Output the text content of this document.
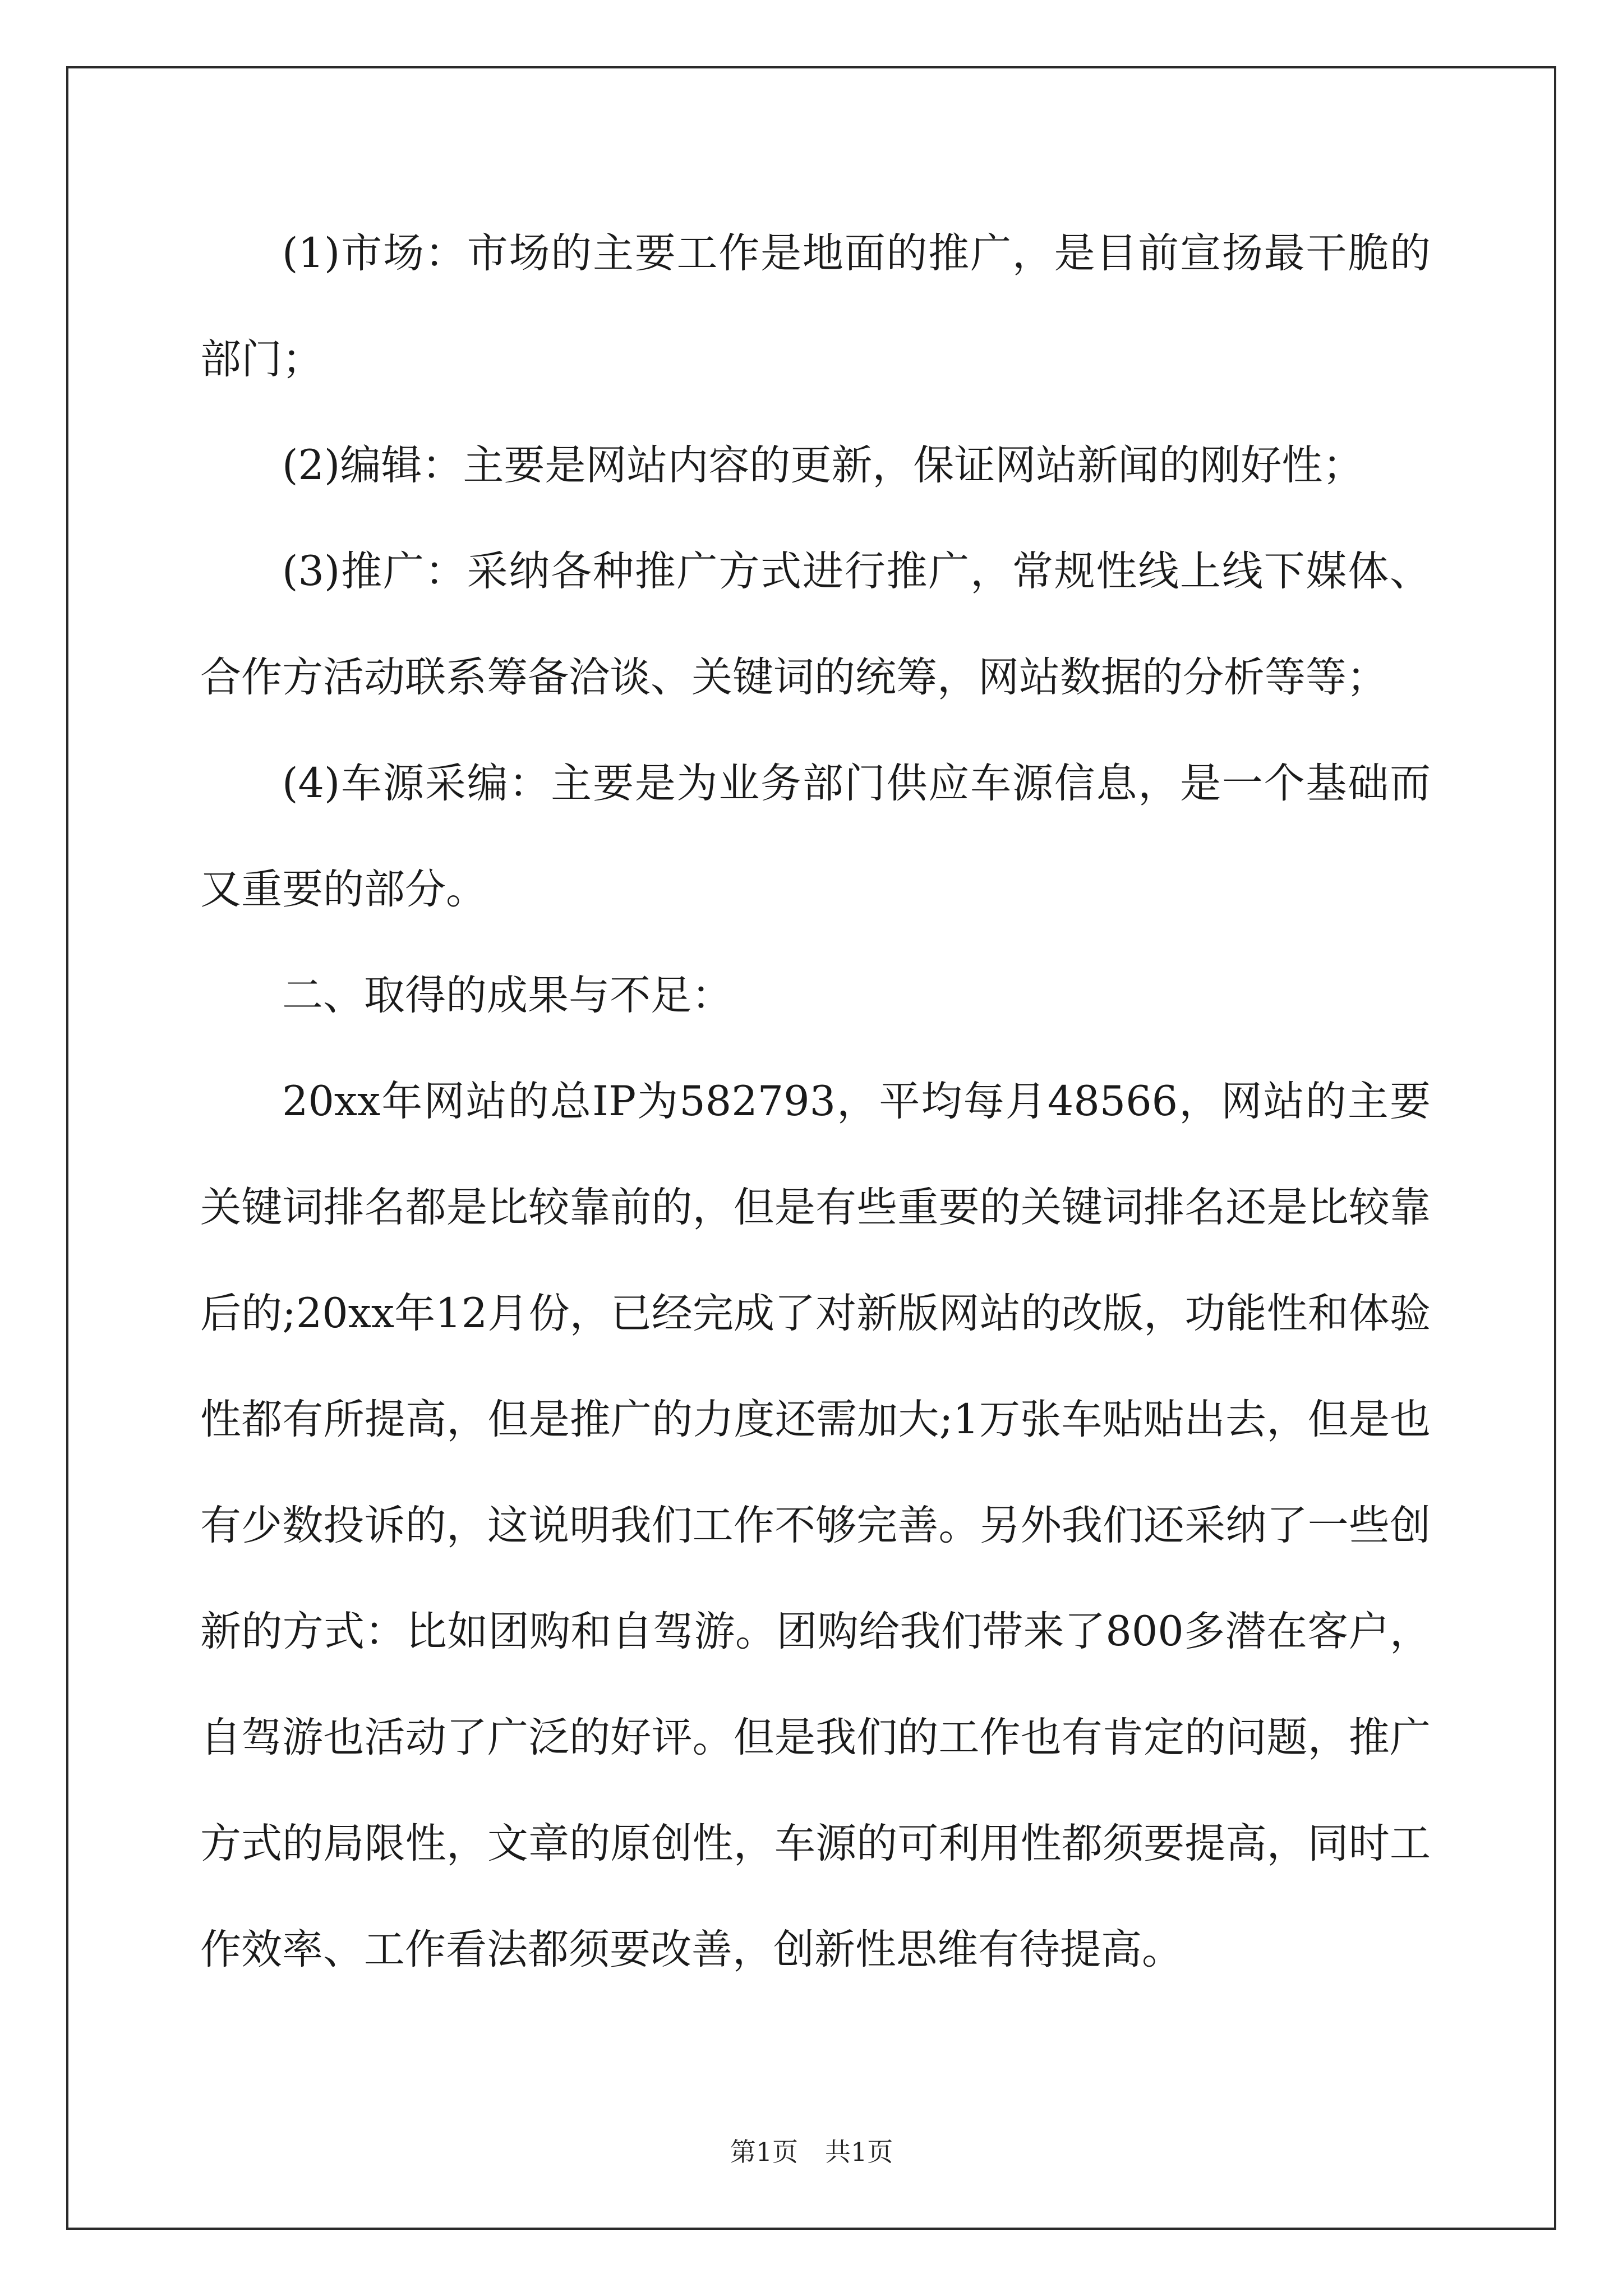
(1)市场：市场的主要工作是地面的推广，是目前宣扬最干脆的部门；

(2)编辑：主要是网站内容的更新，保证网站新闻的刚好性；

(3)推广：采纳各种推广方式进行推广，常规性线上线下媒体、合作方活动联系筹备洽谈、关键词的统筹，网站数据的分析等等；

(4)车源采编：主要是为业务部门供应车源信息，是一个基础而又重要的部分。

二、取得的成果与不足：

20xx年网站的总IP为582793，平均每月48566，网站的主要关键词排名都是比较靠前的，但是有些重要的关键词排名还是比较靠后的;20xx年12月份，已经完成了对新版网站的改版，功能性和体验性都有所提高，但是推广的力度还需加大;1万张车贴贴出去，但是也有少数投诉的，这说明我们工作不够完善。另外我们还采纳了一些创新的方式：比如团购和自驾游。团购给我们带来了800多潜在客户，自驾游也活动了广泛的好评。但是我们的工作也有肯定的问题，推广方式的局限性，文章的原创性，车源的可利用性都须要提高，同时工作效率、工作看法都须要改善，创新性思维有待提高。

第1页 共1页
